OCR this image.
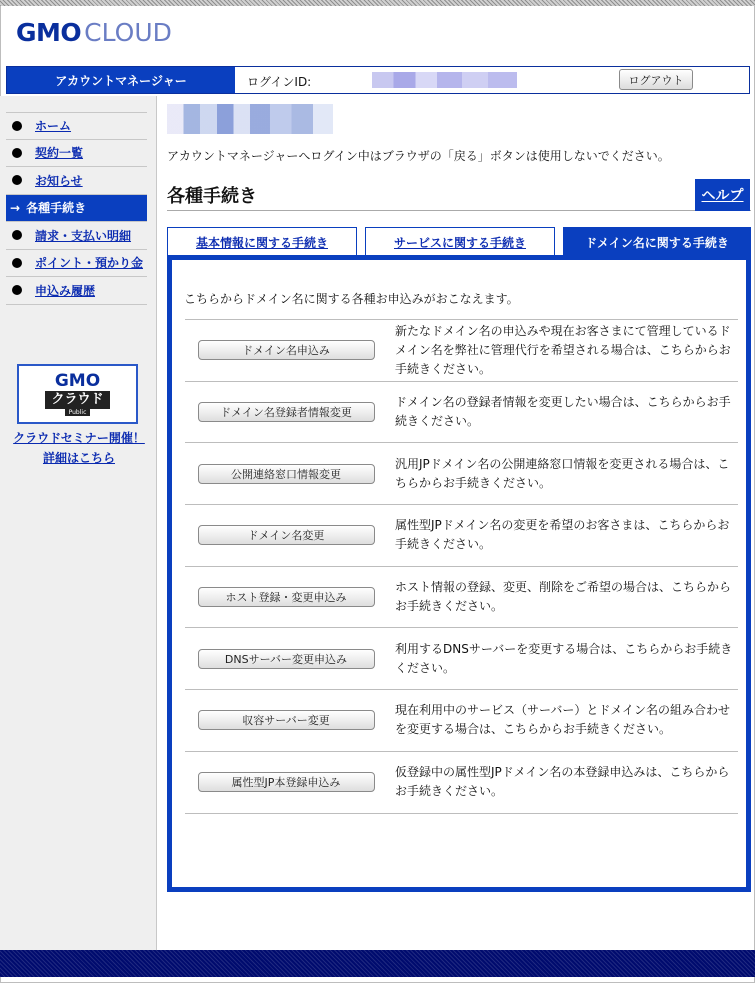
GMO CLOUD
アカウントマネージャー	ログインID:	ログアウト
ホーム
契約一覧
お知らせ
→ 各種手続き
請求・支払い明細
ポイント・預かり金
申込み履歴
GMO
クラウド
Public
クラウドセミナー開催！詳細はこちら
アカウントマネージャーへログイン中はブラウザの「戻る」ボタンは使用しないでください。
各種手続き	ヘルプ
基本情報に関する手続き	サービスに関する手続き	ドメイン名に関する手続き
こちらからドメイン名に関する各種お申込みがおこなえます。
ドメイン名申込み
新たなドメイン名の申込みや現在お客さまにて管理しているドメイン名を弊社に管理代行を希望される場合は、こちらからお手続きください。
ドメイン名登録者情報変更
ドメイン名の登録者情報を変更したい場合は、こちらからお手続きください。
公開連絡窓口情報変更
汎用JPドメイン名の公開連絡窓口情報を変更される場合は、こちらからお手続きください。
ドメイン名変更
属性型JPドメイン名の変更を希望のお客さまは、こちらからお手続きください。
ホスト登録・変更申込み
ホスト情報の登録、変更、削除をご希望の場合は、こちらからお手続きください。
DNSサーバー変更申込み
利用するDNSサーバーを変更する場合は、こちらからお手続きください。
収容サーバー変更
現在利用中のサービス（サーバー）とドメイン名の組み合わせを変更する場合は、こちらからお手続きください。
属性型JP本登録申込み
仮登録中の属性型JPドメイン名の本登録申込みは、こちらからお手続きください。
